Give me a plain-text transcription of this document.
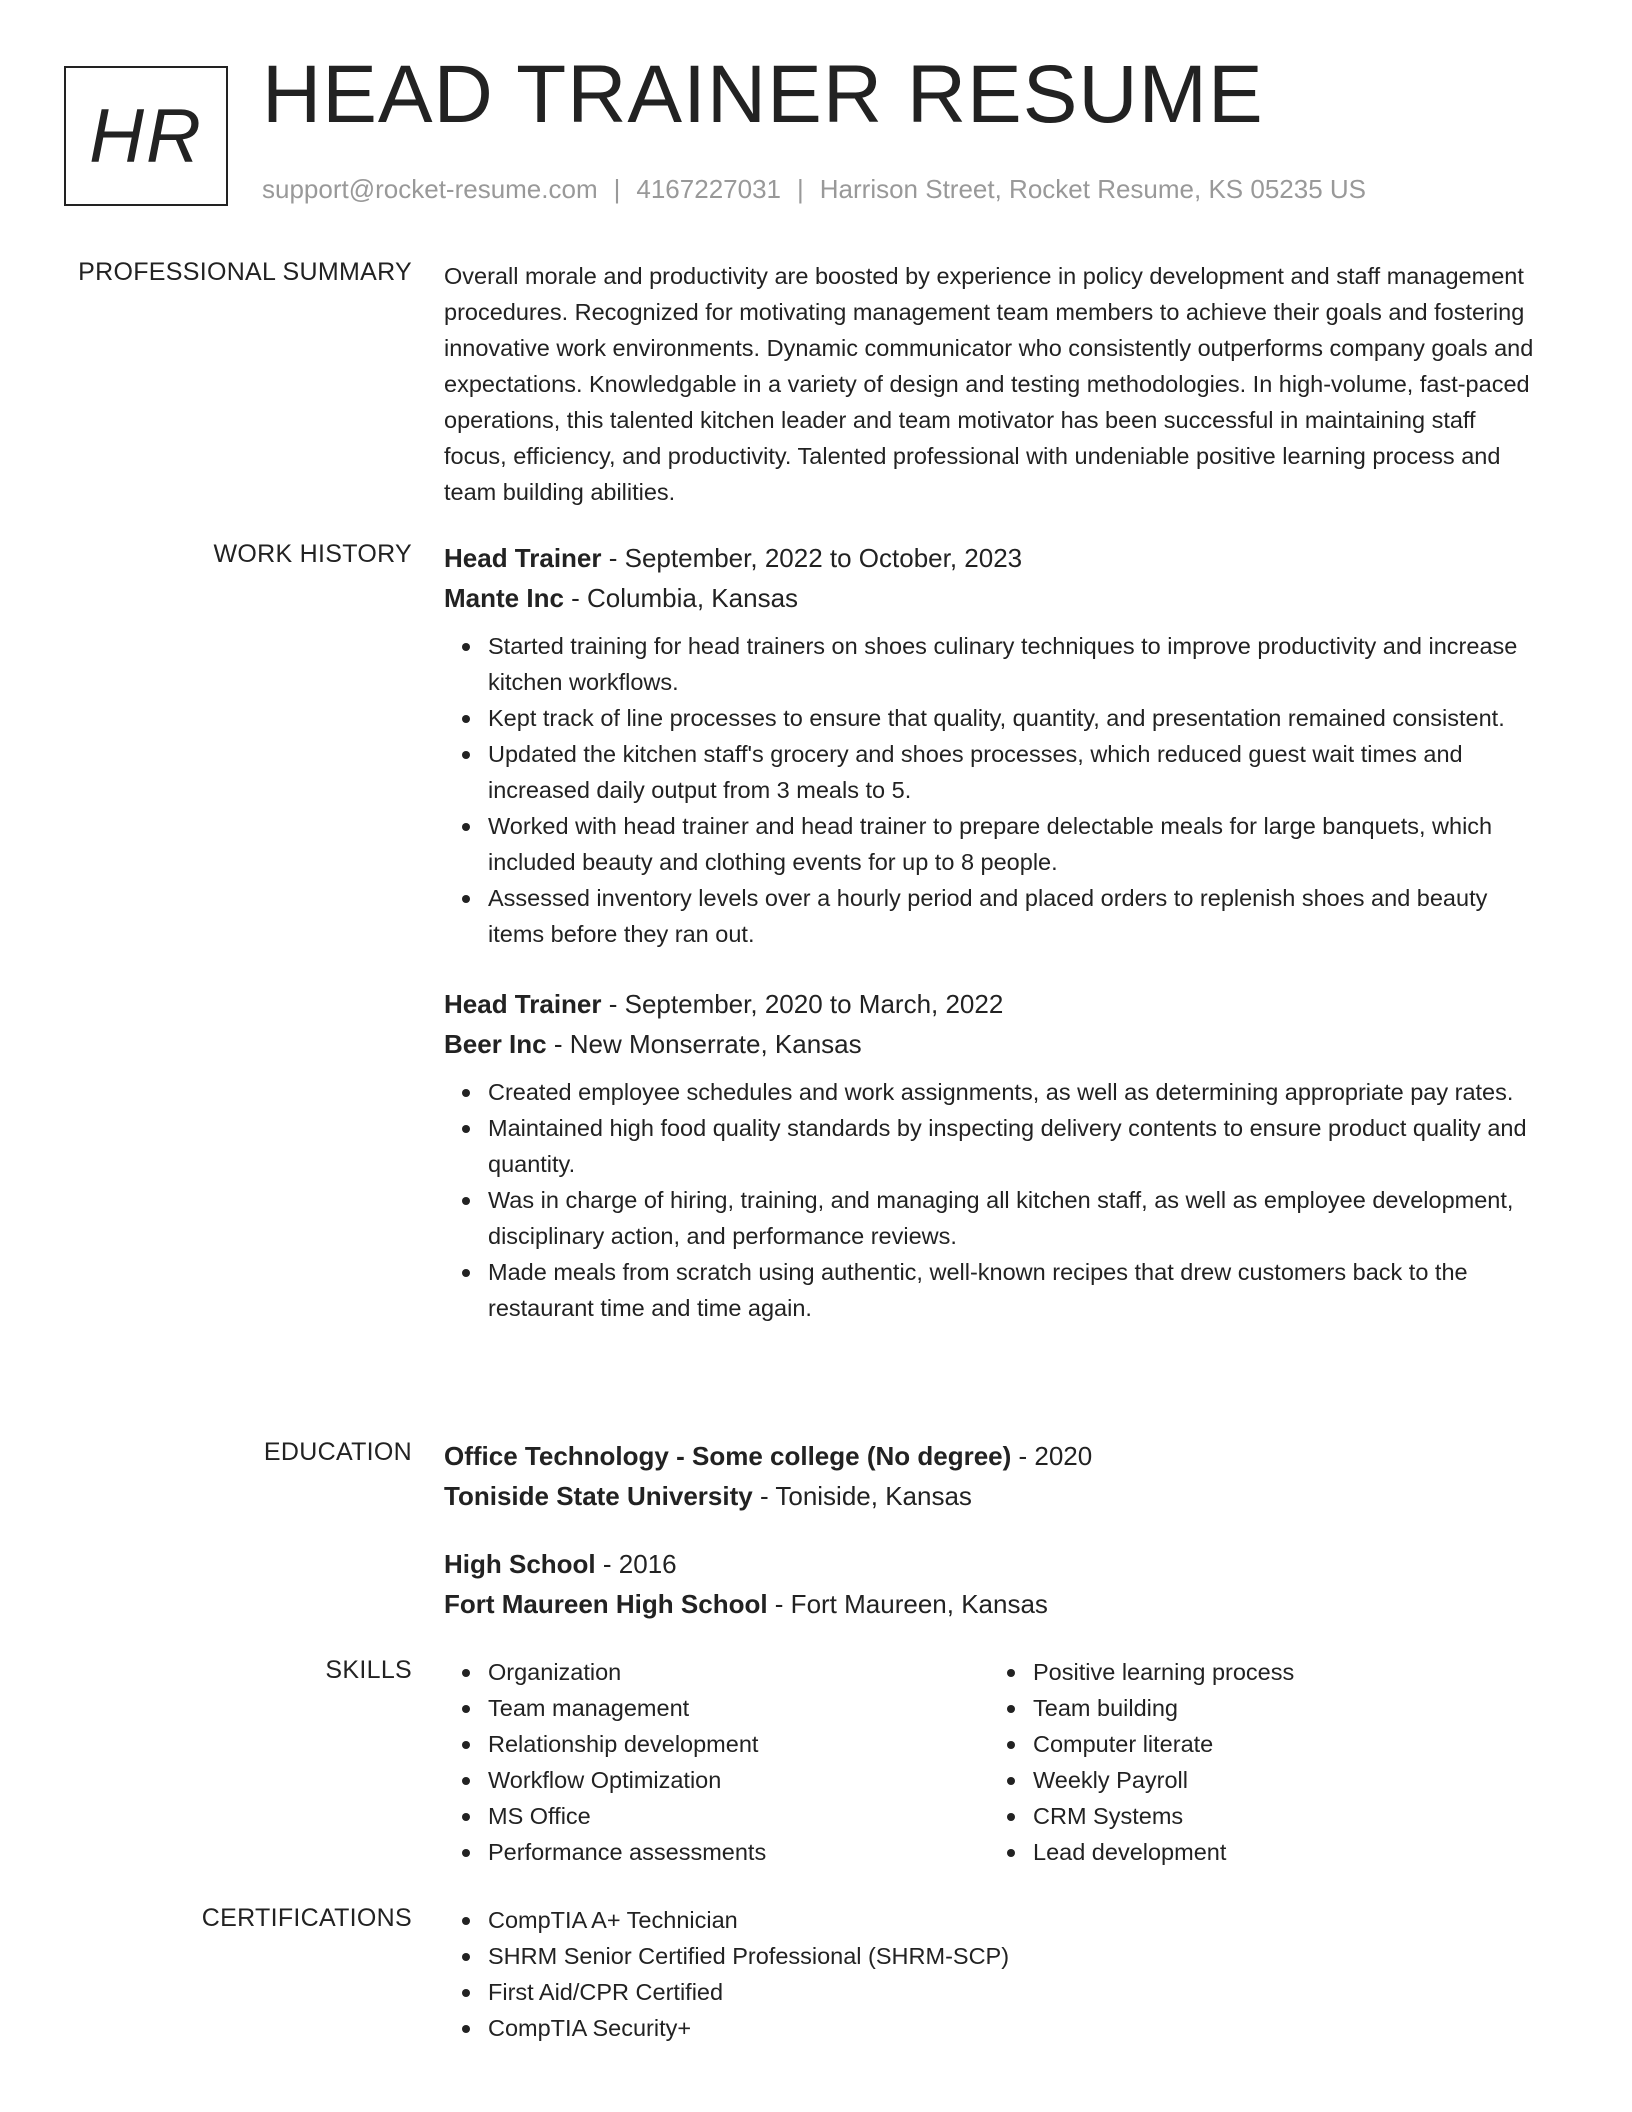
HR HEAD TRAINER RESUME
support@rocket-resume.com | 4167227031 | Harrison Street, Rocket Resume, KS 05235 US
PROFESSIONAL SUMMARY Overall morale and productivity are boosted by experience in policy development and staff management procedures. Recognized for motivating management team members to achieve their goals and fostering innovative work environments. Dynamic communicator who consistently outperforms company goals and expectations. Knowledgable in a variety of design and testing methodologies. In high-volume, fast-paced operations, this talented kitchen leader and team motivator has been successful in maintaining staff focus, efficiency, and productivity. Talented professional with undeniable positive learning process and team building abilities.

WORK HISTORY Head Trainer - September, 2022 to October, 2023

Mante Inc - Columbia, Kansas

Started training for head trainers on shoes culinary techniques to improve productivity and increase kitchen workflows.
Kept track of line processes to ensure that quality, quantity, and presentation remained consistent.
Updated the kitchen staff's grocery and shoes processes, which reduced guest wait times and increased daily output from 3 meals to 5.
Worked with head trainer and head trainer to prepare delectable meals for large banquets, which included beauty and clothing events for up to 8 people.
Assessed inventory levels over a hourly period and placed orders to replenish shoes and beauty items before they ran out.

Head Trainer - September, 2020 to March, 2022

Beer Inc - New Monserrate, Kansas

Created employee schedules and work assignments, as well as determining appropriate pay rates.
Maintained high food quality standards by inspecting delivery contents to ensure product quality and quantity.
Was in charge of hiring, training, and managing all kitchen staff, as well as employee development, disciplinary action, and performance reviews.
Made meals from scratch using authentic, well-known recipes that drew customers back to the restaurant time and time again.
EDUCATION Office Technology - Some college (No degree) - 2020

Toniside State University - Toniside, Kansas

High School - 2016

Fort Maureen High School - Fort Maureen, Kansas

SKILLS	Organization
Team management
Relationship development
Workflow Optimization
MS Office
Performance assessments
Positive learning process
Team building
Computer literate
Weekly Payroll
CRM Systems
Lead development
CERTIFICATIONS	CompTIA A+ Technician
SHRM Senior Certified Professional (SHRM-SCP)
First Aid/CPR Certified
CompTIA Security+
